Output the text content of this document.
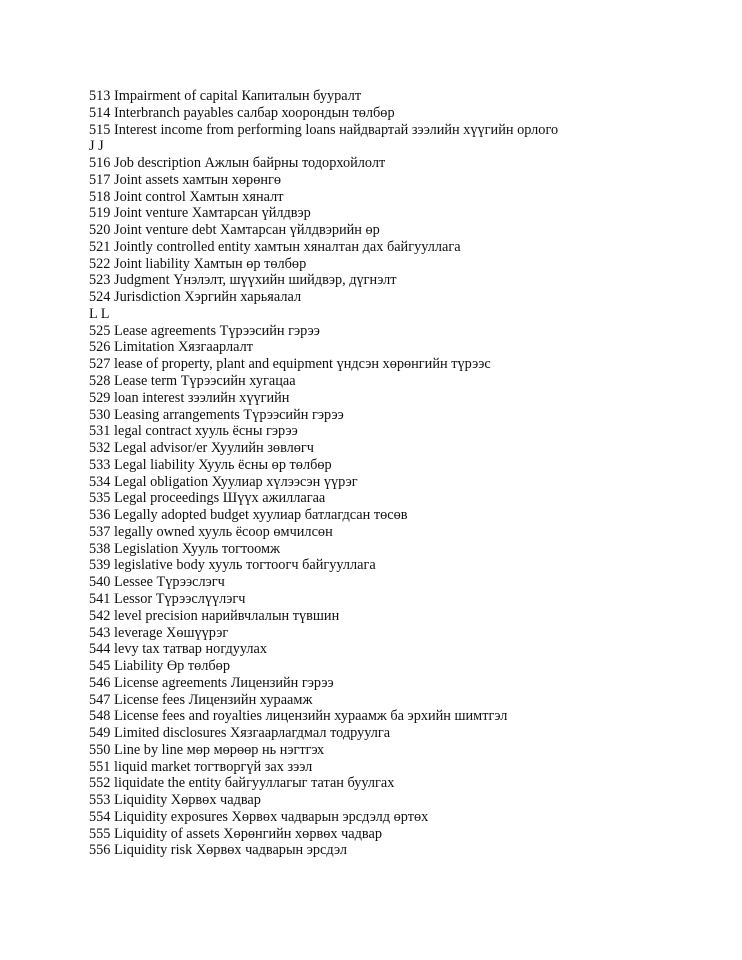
513 Impairment of capital Капиталын бууралт
514 Interbranch payables салбар хоорондын төлбөр
515 Interest income from performing loans найдвартай зээлийн хүүгийн орлого
J J
516 Job description Ажлын байрны тодорхойлолт
517 Joint assets хамтын хөрөнгө
518 Joint control Хамтын хяналт
519 Joint venture Хамтарсан үйлдвэр
520 Joint venture debt Хамтарсан үйлдвэрийн өр
521 Jointly controlled entity хамтын хяналтан дах байгууллага
522 Joint liability Хамтын өр төлбөр
523 Judgment Үнэлэлт, шүүхийн шийдвэр, дүгнэлт
524 Jurisdiction Хэргийн харьяалал
L L
525 Lease agreements Түрээсийн гэрээ
526 Limitation Хязгаарлалт
527 lease of property, plant and equipment үндсэн хөрөнгийн түрээс
528 Lease term Түрээсийн хугацаа
529 loan interest зээлийн хүүгийн
530 Leasing arrangements Түрээсийн гэрээ
531 legal contract хууль ёсны гэрээ
532 Legal advisor/er Хуулийн зөвлөгч
533 Legal liability Хууль ёсны өр төлбөр
534 Legal obligation Хуулиар хүлээсэн үүрэг
535 Legal proceedings Шүүх ажиллагаа
536 Legally adopted budget хуулиар батлагдсан төсөв
537 legally owned хууль ёсоор өмчилсөн
538 Legislation Хууль тогтоомж
539 legislative body хууль тогтоогч байгууллага
540 Lessee Түрээслэгч
541 Lessor Түрээслүүлэгч
542 level precision нарийвчлалын түвшин
543 leverage Хөшүүрэг
544 levy tax татвар ногдуулах
545 Liability Өр төлбөр
546 License agreements Лицензийн гэрээ
547 License fees Лицензийн хураамж
548 License fees and royalties лицензийн хураамж ба эрхийн шимтгэл
549 Limited disclosures Хязгаарлагдмал тодруулга
550 Line by line мөр мөрөөр нь нэгтгэх
551 liquid market тогтворгүй зах зээл
552 liquidate the entity байгууллагыг татан буулгах
553 Liquidity Хөрвөх чадвар
554 Liquidity exposures Хөрвөх чадварын эрсдэлд өртөх
555 Liquidity of assets Хөрөнгийн хөрвөх чадвар
556 Liquidity risk Хөрвөх чадварын эрсдэл
